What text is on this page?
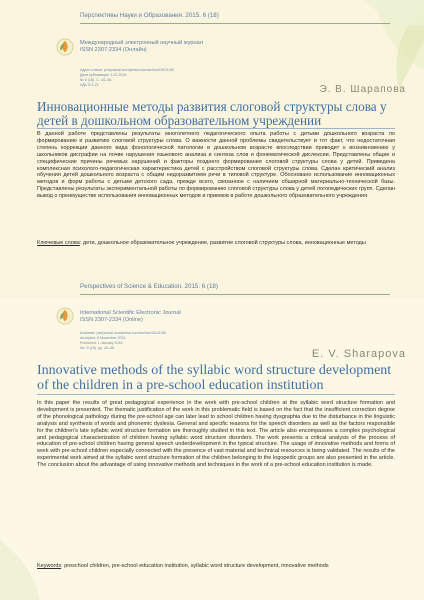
Перспективы Науки и Образования. 2015. 6 (18)
Международный электронный научный журнал
ISSN 2307-2334 (Онлайн)
Адрес статьи: pnojournal.wordpress.com/archive15/15-06/
Дата публикации: 1.01.2016
№ 6 (18). С. 44–48.
УДК 371.21	Э. В. Шарапова
Инновационные методы развития слоговой структуры слова у детей в дошкольном образовательном учреждении
В данной работе представлены результаты многолетнего педагогического опыта работы с детьми дошкольного возраста по формированию и развитию слоговой структуры слова. О важности данной проблемы свидетельствует и тот факт, что недостаточная степень коррекции данного вида фонологической патологии в дошкольном возрасте впоследствии приводит к возникновению у школьников дисграфии на почве нарушения языкового анализа и синтеза слов и фонематической дислексии. Представлены общие и специфические причины речевых нарушений и факторы позднего формирования слоговой структуры слова у детей. Приведена комплексная психолого-педагогическая характеристика детей с расстройством слоговой структуры слова. Сделан критический анализ обучения детей дошкольного возраста с общим недоразвитием речи в типовой структуре. Обосновано использование инновационных методов и форм работы с детьми детского сада, прежде всего, связанное с наличием обширной материально-технической базы. Представлены результаты экспериментальной работы по формированию слоговой структуры слова у детей логопедических групп. Сделан вывод о преимуществе использования инновационных методов и приемов в работе дошкольного образовательного учреждения.
Ключевые слова: дети, дошкольное образовательное учреждение, развитие слоговой структуры слова, инновационные методы
Perspectives of Science & Education. 2015. 6 (18)
International Scientific Electronic Journal
ISSN 2307-2334 (Online)
Available: psejournal.wordpress.com/archive15/15-06/
Accepted: 8 November 2015
Published: 1 January 2016
No. 6 (18). pp. 44–48	E. V. Sharapova
Innovative methods of the syllabic word structure development of the children in a pre-school education institution
In this paper the results of great pedagogical experience in the work with pre-school children at the syllabic word structure formation and development is presented. The thematic justification of the work in this problematic field is based on the fact that the insufficient correction degree of the phonological pathology during the pre-school age can later lead to school children having dysgraphia due to the disturbance in the linguistic analysis and synthesis of words and phonemic dyslexia. General and specific reasons for the speech disorders as well as the factors responsible for the children's late syllabic word structure formation are thoroughly studied in this text. The article also encompasses a complex psychological and pedagogical characterization of children having syllabic word structure disorders. The work presents a critical analysis of the process of education of pre-school children having general speech underdevelopment in the typical structure. The usage of innovative methods and forms of work with pre-school children especially connected with the presence of vast material and technical resources is being validated. The results of the experimental work aimed at the syllabic word structure formation of the children belonging to the logopedic groups are also presented in the article. The conclusion about the advantage of using innovative methods and techniques in the work of a pre-school education institution is made.
Keywords: preschool children, pre-school education institution, syllabic word structure development, innovative methods
